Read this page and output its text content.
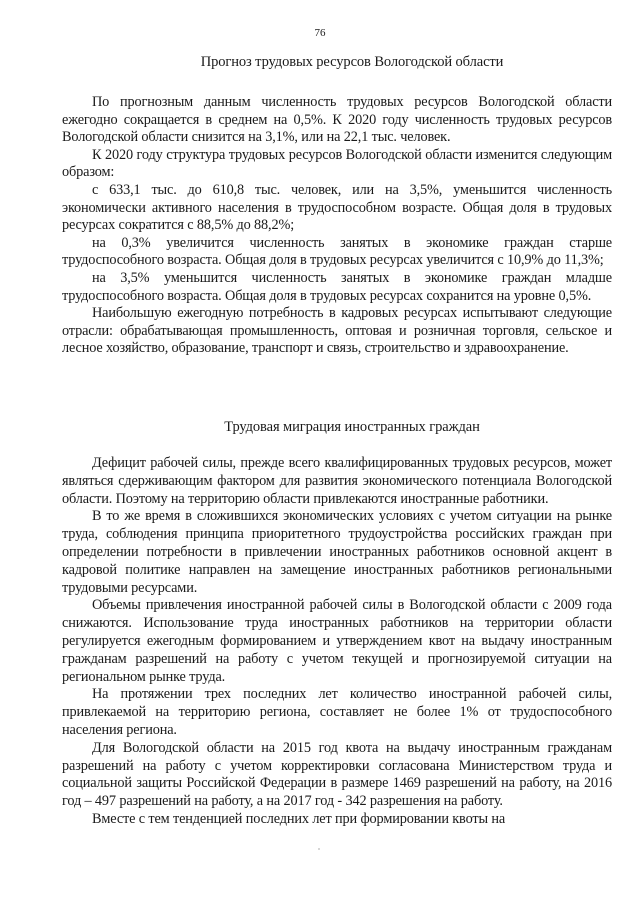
76
Прогноз трудовых ресурсов Вологодской области

По прогнозным данным численность трудовых ресурсов Вологодской области ежегодно сокращается в среднем на 0,5%. К 2020 году численность трудовых ресурсов Вологодской области снизится на 3,1%, или на 22,1 тыс. человек.

К 2020 году структура трудовых ресурсов Вологодской области изменится следующим образом:

с 633,1 тыс. до 610,8 тыс. человек, или на 3,5%, уменьшится численность экономически активного населения в трудоспособном возрасте. Общая доля в трудовых ресурсах сократится с 88,5% до 88,2%;

на 0,3% увеличится численность занятых в экономике граждан старше трудоспособного возраста. Общая доля в трудовых ресурсах увеличится с 10,9% до 11,3%;

на 3,5% уменьшится численность занятых в экономике граждан младше трудоспособного возраста. Общая доля в трудовых ресурсах сохранится на уровне 0,5%.

Наибольшую ежегодную потребность в кадровых ресурсах испытывают следующие отрасли: обрабатывающая промышленность, оптовая и розничная торговля, сельское и лесное хозяйство, образование, транспорт и связь, строительство и здравоохранение.

Трудовая миграция иностранных граждан

Дефицит рабочей силы, прежде всего квалифицированных трудовых ресурсов, может являться сдерживающим фактором для развития экономического потенциала Вологодской области. Поэтому на территорию области привлекаются иностранные работники.

В то же время в сложившихся экономических условиях с учетом ситуации на рынке труда, соблюдения принципа приоритетного трудоустройства российских граждан при определении потребности в привлечении иностранных работников основной акцент в кадровой политике направлен на замещение иностранных работников региональными трудовыми ресурсами.

Объемы привлечения иностранной рабочей силы в Вологодской области с 2009 года снижаются. Использование труда иностранных работников на территории области регулируется ежегодным формированием и утверждением квот на выдачу иностранным гражданам разрешений на работу с учетом текущей и прогнозируемой ситуации на региональном рынке труда.

На протяжении трех последних лет количество иностранной рабочей силы, привлекаемой на территорию региона, составляет не более 1% от трудоспособного населения региона.

Для Вологодской области на 2015 год квота на выдачу иностранным гражданам разрешений на работу с учетом корректировки согласована Министерством труда и социальной защиты Российской Федерации в размере 1469 разрешений на работу, на 2016 год – 497 разрешений на работу, а на 2017 год - 342 разрешения на работу.

Вместе с тем тенденцией последних лет при формировании квоты на
